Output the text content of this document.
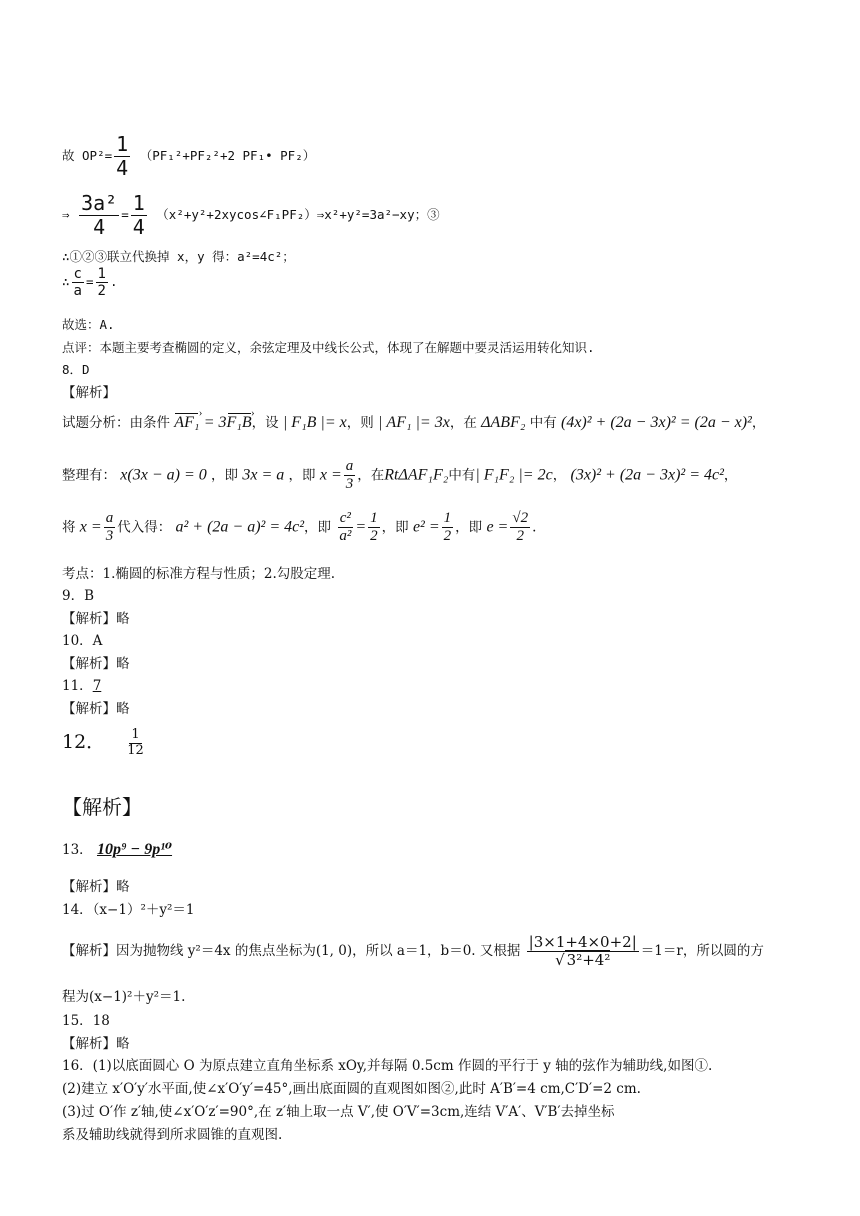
故 $OP^2= \frac{1}{4} (PF_1^2+PF_2^2+2$ PF₁• PF₂）
⇒ $\frac{\text{3a²}}{4} = \frac{1}{4}$ （x²+y²+2xycos∠F₁PF₂）⇒x²+y²=3a²−xy；③
∴①②③联立代换掉 x，y 得：a²=4c²；
∴ $\frac{c}{a} = \frac{1}{2}$ .
故选：A.
点评：本题主要考查椭圆的定义，余弦定理及中线长公式，体现了在解题中要灵活运用转化知识.
8．D
【解析】
试题分析：由条件 AF₁ › = 3F₁B ›，设 | F₁B |= x，则 | AF₁ |= 3x，在 ΔABF₂ 中有 (4x)² + (2a − 3x)² = (2a − x)²，
整理有： x(3x − a) = 0 ，即 3x = a ，即 $x = \frac{a}{3}$ ，在RtΔAF₁F₂中有| F₁F₂ |= 2c， (3x)² + (2a − 3x)² = 4c²，
将 $x = \frac{a}{3}$ 代入得： a² + (2a − a)² = 4c²，即 $\frac{\text{c²}}{\text{a²}} = \frac{1}{2}$ ，即 $e^2 = \frac{1}{2}$ ，即 $e = \frac{√2}{2}$ .
考点：1.椭圆的标准方程与性质；2.勾股定理.
9．B
【解析】略
10．A
【解析】略
11．7
【解析】略
12． $\frac{1}{12}$
【解析】
13． 10p⁹ − 9p¹⁰
【解析】略
14．（x−1）²＋y²＝1
【解析】因为抛物线 y²＝4x 的焦点坐标为(1, 0)，所以 a＝1，b＝0. 又根据 $\frac{|3\times 1+4\times 0+2|}{\text{√ 3²+4²}} =1=r$，所以圆的方
程为(x−1)²＋y²＝1.
15．18
【解析】略
16．(1)以底面圆心 O 为原点建立直角坐标系 xOy,并每隔 0.5cm 作圆的平行于 y 轴的弦作为辅助线,如图①.
(2)建立 x′O′y′水平面,使∠x′O′y′=45°,画出底面圆的直观图如图②,此时 A′B′=4 cm,C′D′=2 cm.
(3)过 O′作 z′轴,使∠x′O′z′=90°,在 z′轴上取一点 V′,使 O′V′=3cm,连结 V′A′、V′B′去掉坐标
系及辅助线就得到所求圆锥的直观图.
